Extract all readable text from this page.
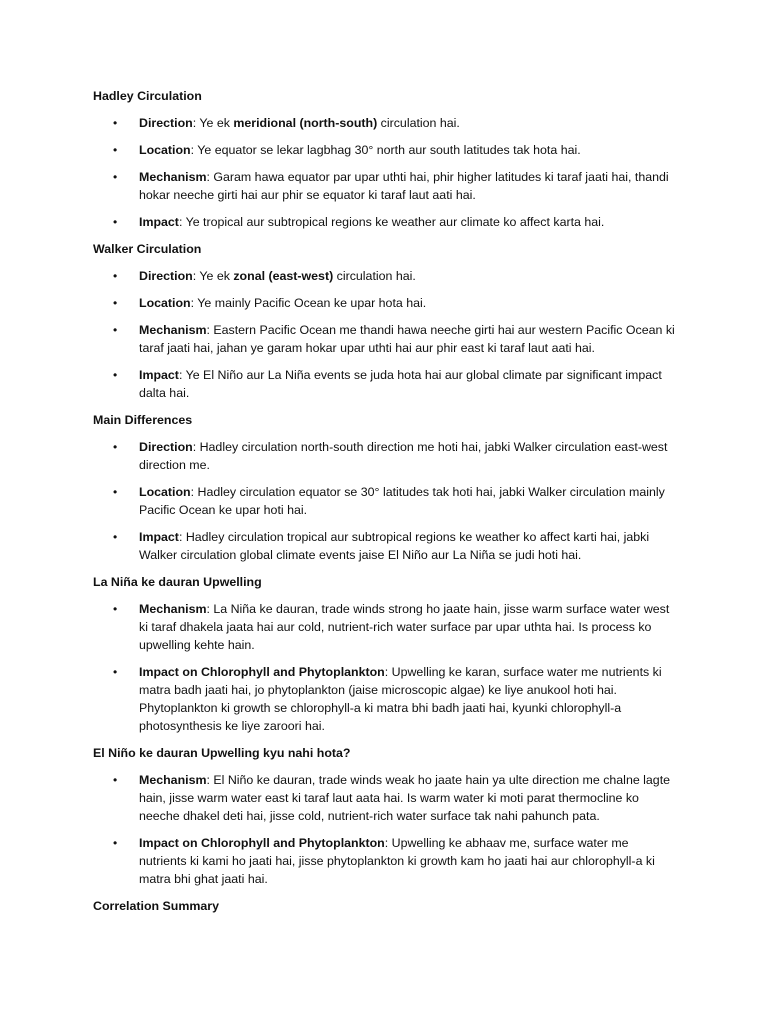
Hadley Circulation
• Direction: Ye ek meridional (north-south) circulation hai.
• Location: Ye equator se lekar lagbhag 30° north aur south latitudes tak hota hai.
• Mechanism: Garam hawa equator par upar uthti hai, phir higher latitudes ki taraf jaati hai, thandi hokar neeche girti hai aur phir se equator ki taraf laut aati hai.
• Impact: Ye tropical aur subtropical regions ke weather aur climate ko affect karta hai.
Walker Circulation
• Direction: Ye ek zonal (east-west) circulation hai.
• Location: Ye mainly Pacific Ocean ke upar hota hai.
• Mechanism: Eastern Pacific Ocean me thandi hawa neeche girti hai aur western Pacific Ocean ki taraf jaati hai, jahan ye garam hokar upar uthti hai aur phir east ki taraf laut aati hai.
• Impact: Ye El Niño aur La Niña events se juda hota hai aur global climate par significant impact dalta hai.
Main Differences
• Direction: Hadley circulation north-south direction me hoti hai, jabki Walker circulation east-west direction me.
• Location: Hadley circulation equator se 30° latitudes tak hoti hai, jabki Walker circulation mainly Pacific Ocean ke upar hoti hai.
• Impact: Hadley circulation tropical aur subtropical regions ke weather ko affect karti hai, jabki Walker circulation global climate events jaise El Niño aur La Niña se judi hoti hai.
La Niña ke dauran Upwelling
• Mechanism: La Niña ke dauran, trade winds strong ho jaate hain, jisse warm surface water west ki taraf dhakela jaata hai aur cold, nutrient-rich water surface par upar uthta hai. Is process ko upwelling kehte hain.
• Impact on Chlorophyll and Phytoplankton: Upwelling ke karan, surface water me nutrients ki matra badh jaati hai, jo phytoplankton (jaise microscopic algae) ke liye anukool hoti hai. Phytoplankton ki growth se chlorophyll-a ki matra bhi badh jaati hai, kyunki chlorophyll-a photosynthesis ke liye zaroori hai.
El Niño ke dauran Upwelling kyu nahi hota?
• Mechanism: El Niño ke dauran, trade winds weak ho jaate hain ya ulte direction me chalne lagte hain, jisse warm water east ki taraf laut aata hai. Is warm water ki moti parat thermocline ko neeche dhakel deti hai, jisse cold, nutrient-rich water surface tak nahi pahunch pata.
• Impact on Chlorophyll and Phytoplankton: Upwelling ke abhaav me, surface water me nutrients ki kami ho jaati hai, jisse phytoplankton ki growth kam ho jaati hai aur chlorophyll-a ki matra bhi ghat jaati hai.
Correlation Summary
